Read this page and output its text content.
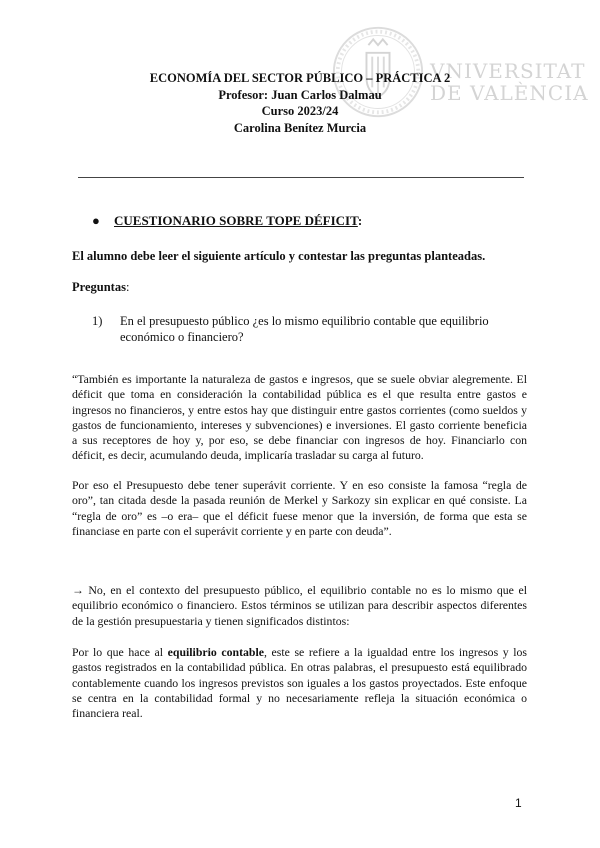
VNIVERSITAT
DE VALÈNCIA
ECONOMÍA DEL SECTOR PÚBLICO – PRÁCTICA 2
Profesor: Juan Carlos Dalmau
Curso 2023/24
Carolina Benítez Murcia
● CUESTIONARIO SOBRE TOPE DÉFICIT:
El alumno debe leer el siguiente artículo y contestar las preguntas planteadas.
Preguntas:
1)	En el presupuesto público ¿es lo mismo equilibrio contable que equilibrio económico o financiero?
“También es importante la naturaleza de gastos e ingresos, que se suele obviar alegremente. El déficit que toma en consideración la contabilidad pública es el que resulta entre gastos e ingresos no financieros, y entre estos hay que distinguir entre gastos corrientes (como sueldos y gastos de funcionamiento, intereses y subvenciones) e inversiones. El gasto corriente beneficia a sus receptores de hoy y, por eso, se debe financiar con ingresos de hoy. Financiarlo con déficit, es decir, acumulando deuda, implicaría trasladar su carga al futuro.
Por eso el Presupuesto debe tener superávit corriente. Y en eso consiste la famosa “regla de oro”, tan citada desde la pasada reunión de Merkel y Sarkozy sin explicar en qué consiste. La “regla de oro” es –o era– que el déficit fuese menor que la inversión, de forma que esta se financiase en parte con el superávit corriente y en parte con deuda”.
→ No, en el contexto del presupuesto público, el equilibrio contable no es lo mismo que el equilibrio económico o financiero. Estos términos se utilizan para describir aspectos diferentes de la gestión presupuestaria y tienen significados distintos:
Por lo que hace al equilibrio contable, este se refiere a la igualdad entre los ingresos y los gastos registrados en la contabilidad pública. En otras palabras, el presupuesto está equilibrado contablemente cuando los ingresos previstos son iguales a los gastos proyectados. Este enfoque se centra en la contabilidad formal y no necesariamente refleja la situación económica o financiera real.
1
